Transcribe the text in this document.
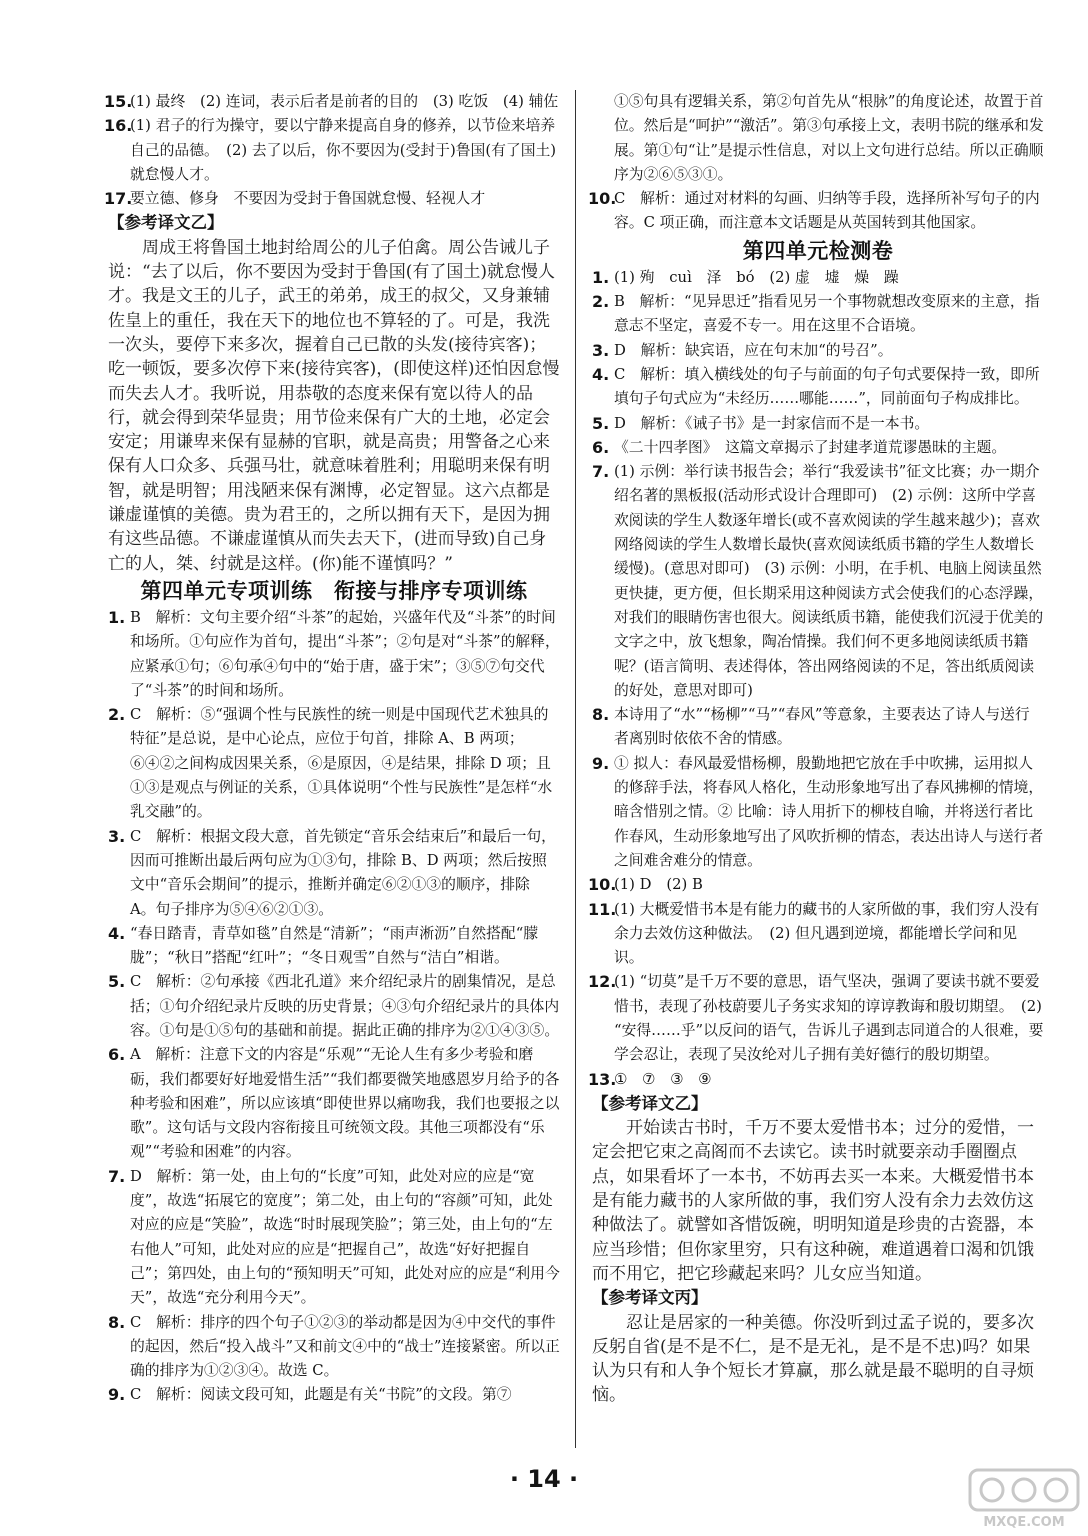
15.
(1) 最终　(2) 连词，表示后者是前者的目的　(3) 吃饭　(4) 辅佐

16.
(1) 君子的行为操守，要以宁静来提高自身的修养，以节俭来培养自己的品德。　(2) 去了以后，你不要因为(受封于)鲁国(有了国土)就怠慢人才。

17.
要立德、修身　不要因为受封于鲁国就怠慢、轻视人才

【参考译文乙】

周成王将鲁国土地封给周公的儿子伯禽。周公告诫儿子说：“去了以后，你不要因为受封于鲁国(有了国土)就怠慢人才。我是文王的儿子，武王的弟弟，成王的叔父，又身兼辅佐皇上的重任，我在天下的地位也不算轻的了。可是，我洗一次头，要停下来多次，握着自己已散的头发(接待宾客)；吃一顿饭，要多次停下来(接待宾客)，(即使这样)还怕因怠慢而失去人才。我听说，用恭敬的态度来保有宽以待人的品行，就会得到荣华显贵；用节俭来保有广大的土地，必定会安定；用谦卑来保有显赫的官职，就是高贵；用警备之心来保有人口众多、兵强马壮，就意味着胜利；用聪明来保有明智，就是明智；用浅陋来保有渊博，必定智显。这六点都是谦虚谨慎的美德。贵为君王的，之所以拥有天下，是因为拥有这些品德。不谦虚谨慎从而失去天下，(进而导致)自己身亡的人，桀、纣就是这样。(你)能不谨慎吗？”

第四单元专项训练　衔接与排序专项训练

1. B　解析：文句主要介绍“斗茶”的起始，兴盛年代及“斗茶”的时间和场所。①句应作为首句，提出“斗茶”；②句是对“斗茶”的解释，应紧承①句；⑥句承④句中的“始于唐，盛于宋”；③⑤⑦句交代了“斗茶”的时间和场所。

2. C　解析：⑤“强调个性与民族性的统一则是中国现代艺术独具的特征”是总说，是中心论点，应位于句首，排除 A、B 两项；⑥④②之间构成因果关系，⑥是原因，④是结果，排除 D 项；且①③是观点与例证的关系，①具体说明“个性与民族性”是怎样“水乳交融”的。

3. C　解析：根据文段大意，首先锁定“音乐会结束后”和最后一句，因而可推断出最后两句应为①③句，排除 B、D 两项；然后按照文中“音乐会期间”的提示，推断并确定⑥②①③的顺序，排除 A。句子排序为⑤④⑥②①③。

4. “春日踏青，青草如毯”自然是“清新”；“雨声淅沥”自然搭配“朦胧”；“秋日”搭配“红叶”；“冬日观雪”自然与“洁白”相谐。

5. C　解析：②句承接《西北孔道》来介绍纪录片的剧集情况，是总括；①句介绍纪录片反映的历史背景；④③句介绍纪录片的具体内容。①句是①⑤句的基础和前提。据此正确的排序为②①④③⑤。

6. A　解析：注意下文的内容是“乐观”“无论人生有多少考验和磨砺，我们都要好好地爱惜生活”“我们都要微笑地感恩岁月给予的各种考验和困难”，所以应该填“即使世界以痛吻我，我们也要报之以歌”。这句话与文段内容衔接且可统领文段。其他三项都没有“乐观”“考验和困难”的内容。

7. D　解析：第一处，由上句的“长度”可知，此处对应的应是“宽度”，故选“拓展它的宽度”；第二处，由上句的“容颜”可知，此处对应的应是“笑脸”，故选“时时展现笑脸”；第三处，由上句的“左右他人”可知，此处对应的应是“把握自己”，故选“好好把握自己”；第四处，由上句的“预知明天”可知，此处对应的应是“利用今天”，故选“充分利用今天”。

8. C　解析：排序的四个句子①②③的举动都是因为④中交代的事件的起因，然后“投入战斗”又和前文④中的“战士”连接紧密。所以正确的排序为①②③④。故选 C。

9. C　解析：阅读文段可知，此题是有关“书院”的文段。第⑦

①⑤句具有逻辑关系，第②句首先从“根脉”的角度论述，故置于首位。然后是“呵护”“激活”。第③句承接上文，表明书院的继承和发展。第①句“让”是提示性信息，对以上文句进行总结。所以正确顺序为②⑥⑤③①。

10.
C　解析：通过对材料的勾画、归纳等手段，选择所补写句子的内容。C 项正确，而注意本文话题是从英国转到其他国家。

第四单元检测卷

1. (1) 殉　cuì　泽　bó　(2) 虚　墟　燥　躁

2. B　解析：“见异思迁”指看见另一个事物就想改变原来的主意，指意志不坚定，喜爱不专一。用在这里不合语境。

3. D　解析：缺宾语，应在句末加“的号召”。

4. C　解析：填入横线处的句子与前面的句子句式要保持一致，即所填句子句式应为“未经历……哪能……”，同前面句子构成排比。

5. D　解析：《诫子书》是一封家信而不是一本书。

6. 《二十四孝图》　这篇文章揭示了封建孝道荒谬愚昧的主题。

7. (1) 示例：举行读书报告会；举行“我爱读书”征文比赛；办一期介绍名著的黑板报(活动形式设计合理即可)　(2) 示例：这所中学喜欢阅读的学生人数逐年增长(或不喜欢阅读的学生越来越少)；喜欢网络阅读的学生人数增长最快(喜欢阅读纸质书籍的学生人数增长缓慢)。(意思对即可)　(3) 示例：小明，在手机、电脑上阅读虽然更快捷，更方便，但长期采用这种阅读方式会使我们的心态浮躁，对我们的眼睛伤害也很大。阅读纸质书籍，能使我们沉浸于优美的文字之中，放飞想象，陶冶情操。我们何不更多地阅读纸质书籍呢？(语言简明、表述得体，答出网络阅读的不足，答出纸质阅读的好处，意思对即可)

8. 本诗用了“水”“杨柳”“马”“春风”等意象，主要表达了诗人与送行者离别时依依不舍的情感。

9. ① 拟人：春风最爱惜杨柳，殷勤地把它放在手中吹拂，运用拟人的修辞手法，将春风人格化，生动形象地写出了春风拂柳的情境，暗含惜别之情。② 比喻：诗人用折下的柳枝自喻，并将送行者比作春风，生动形象地写出了风吹折柳的情态，表达出诗人与送行者之间难舍难分的情意。

10.
(1) D　(2) B

11.
(1) 大概爱惜书本是有能力的藏书的人家所做的事，我们穷人没有余力去效仿这种做法。　(2) 但凡遇到逆境，都能增长学问和见识。

12.
(1) “切莫”是千万不要的意思，语气坚决，强调了要读书就不要爱惜书，表现了孙枝蔚要儿子务实求知的谆谆教诲和殷切期望。　(2) “安得……乎”以反问的语气，告诉儿子遇到志同道合的人很难，要学会忍让，表现了吴汝纶对儿子拥有美好德行的殷切期望。

13.
①　⑦　③　⑨

【参考译文乙】

开始读古书时，千万不要太爱惜书本；过分的爱惜，一定会把它束之高阁而不去读它。读书时就要亲动手圈圈点点，如果看坏了一本书，不妨再去买一本来。大概爱惜书本是有能力藏书的人家所做的事，我们穷人没有余力去效仿这种做法了。就譬如吝惜饭碗，明明知道是珍贵的古瓷器，本应当珍惜；但你家里穷，只有这种碗，难道遇着口渴和饥饿而不用它，把它珍藏起来吗？儿女应当知道。

【参考译文丙】

忍让是居家的一种美德。你没听到过孟子说的，要多次反躬自省(是不是不仁，是不是无礼，是不是不忠)吗？如果认为只有和人争个短长才算赢，那么就是最不聪明的自寻烦恼。

· 14 ·
MXQE.COM
